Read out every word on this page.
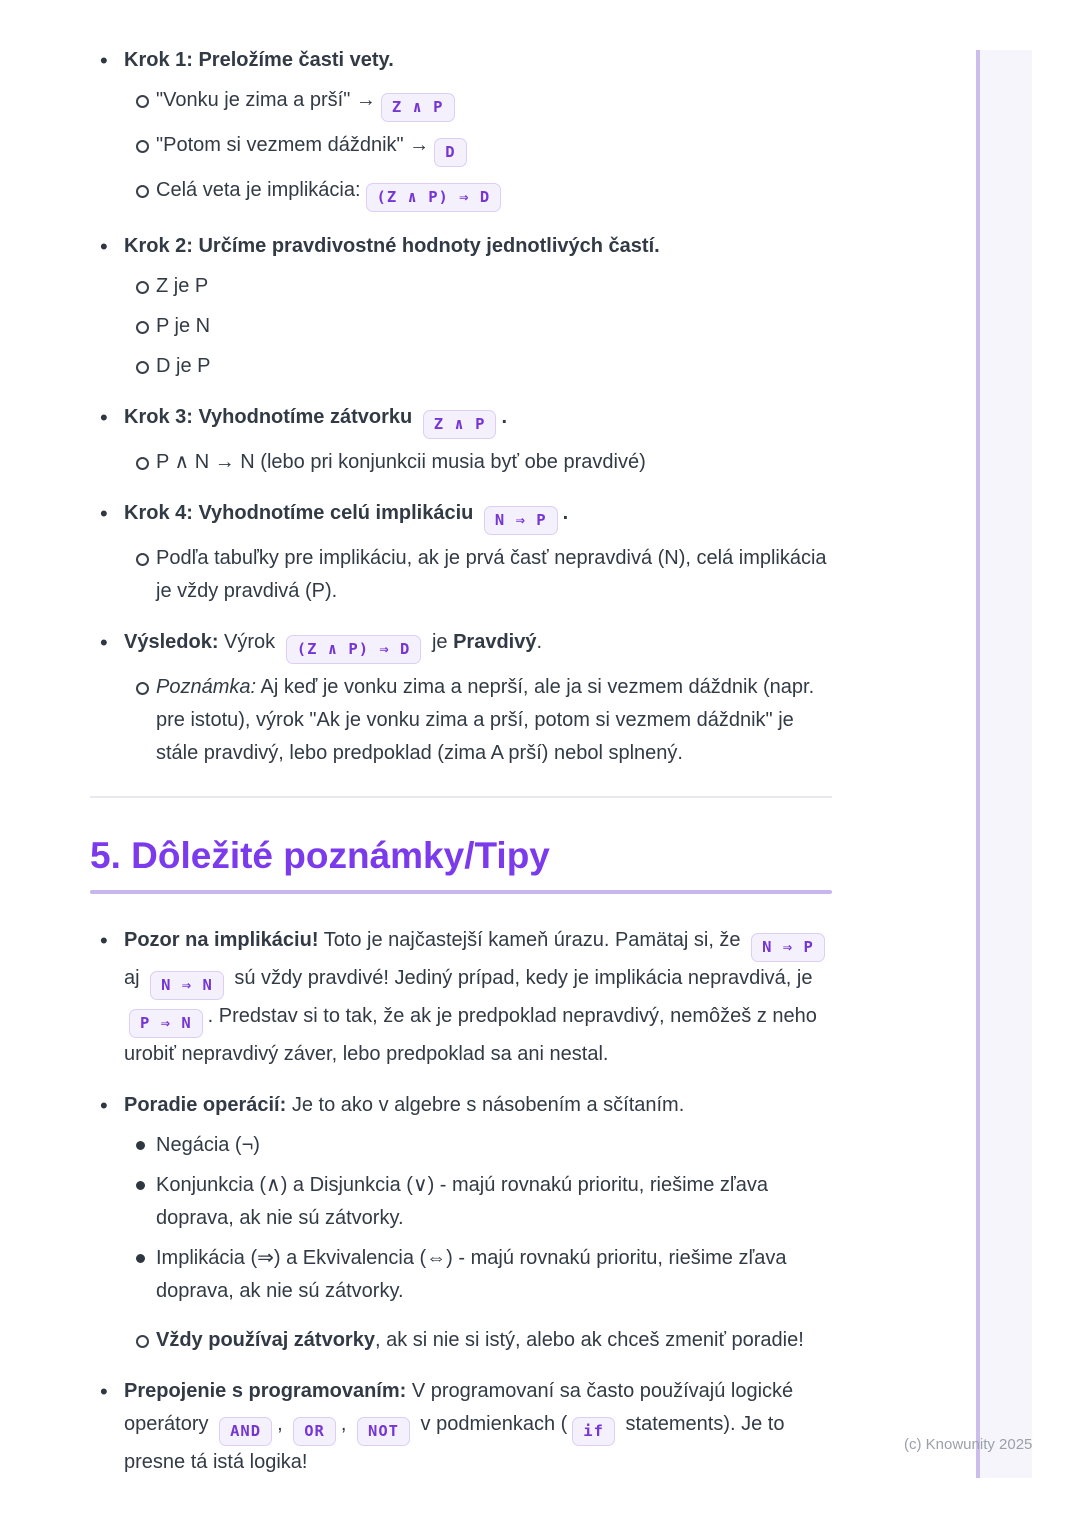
(c) Knowunity 2025
• Krok 1: Preložíme časti vety.
"Vonku je zima a prší" → Z ∧ P
"Potom si vezmem dáždnik" → D
Celá veta je implikácia: (Z ∧ P) ⇒ D
• Krok 2: Určíme pravdivostné hodnoty jednotlivých častí.
Z je P
P je N
D je P
• Krok 3: Vyhodnotíme zátvorku Z ∧ P .
P ∧ N → N (lebo pri konjunkcii musia byť obe pravdivé)
• Krok 4: Vyhodnotíme celú implikáciu N ⇒ P .
Podľa tabuľky pre implikáciu, ak je prvá časť nepravdivá (N), celá implikácia je vždy pravdivá (P).
• Výsledok: Výrok (Z ∧ P) ⇒ D je Pravdivý.
Poznámka: Aj keď je vonku zima a neprší, ale ja si vezmem dáždnik (napr. pre istotu), výrok "Ak je vonku zima a prší, potom si vezmem dáždnik" je stále pravdivý, lebo predpoklad (zima A prší) nebol splnený.
5. Dôležité poznámky/Tipy
• Pozor na implikáciu! Toto je najčastejší kameň úrazu. Pamätaj si, že N ⇒ P aj N ⇒ N sú vždy pravdivé! Jediný prípad, kedy je implikácia nepravdivá, je P ⇒ N . Predstav si to tak, že ak je predpoklad nepravdivý, nemôžeš z neho urobiť nepravdivý záver, lebo predpoklad sa ani nestal.
• Poradie operácií: Je to ako v algebre s násobením a sčítaním.
Negácia (¬)
Konjunkcia (∧) a Disjunkcia (∨) - majú rovnakú prioritu, riešime zľava doprava, ak nie sú zátvorky.
Implikácia (⇒) a Ekvivalencia (⇔) - majú rovnakú prioritu, riešime zľava doprava, ak nie sú zátvorky.
Vždy používaj zátvorky, ak si nie si istý, alebo ak chceš zmeniť poradie!
• Prepojenie s programovaním: V programovaní sa často používajú logické operátory AND , OR , NOT v podmienkach ( if statements). Je to presne tá istá logika!
